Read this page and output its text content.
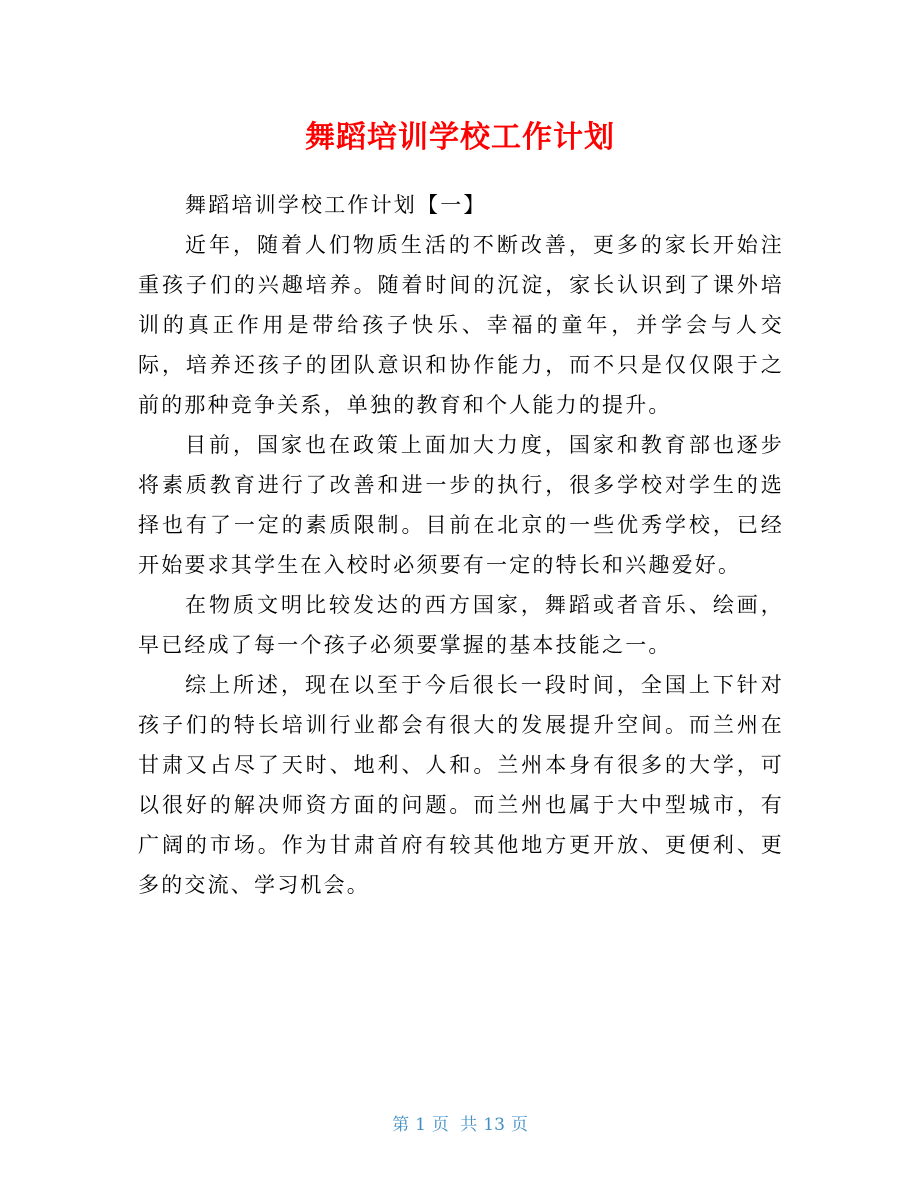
舞蹈培训学校工作计划

舞蹈培训学校工作计划【一】

近年，随着人们物质生活的不断改善，更多的家长开始注重孩子们的兴趣培养。随着时间的沉淀，家长认识到了课外培训的真正作用是带给孩子快乐、幸福的童年，并学会与人交际，培养还孩子的团队意识和协作能力，而不只是仅仅限于之前的那种竞争关系，单独的教育和个人能力的提升。

目前，国家也在政策上面加大力度，国家和教育部也逐步将素质教育进行了改善和进一步的执行，很多学校对学生的选择也有了一定的素质限制。目前在北京的一些优秀学校，已经开始要求其学生在入校时必须要有一定的特长和兴趣爱好。

在物质文明比较发达的西方国家，舞蹈或者音乐、绘画，早已经成了每一个孩子必须要掌握的基本技能之一。

综上所述，现在以至于今后很长一段时间，全国上下针对孩子们的特长培训行业都会有很大的发展提升空间。而兰州在甘肃又占尽了天时、地利、人和。兰州本身有很多的大学，可以很好的解决师资方面的问题。而兰州也属于大中型城市，有广阔的市场。作为甘肃首府有较其他地方更开放、更便利、更多的交流、学习机会。

第 1 页 共 13 页
